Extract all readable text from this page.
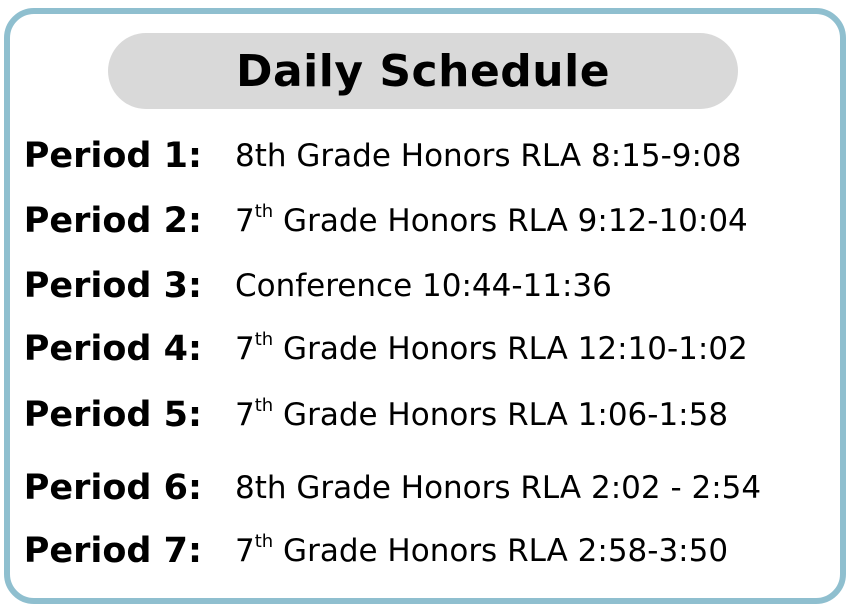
Daily Schedule
Period 1: 8th Grade Honors RLA 8:15-9:08
Period 2: 7th Grade Honors RLA 9:12-10:04
Period 3: Conference 10:44-11:36
Period 4: 7th Grade Honors RLA 12:10-1:02
Period 5: 7th Grade Honors RLA 1:06-1:58
Period 6: 8th Grade Honors RLA 2:02 - 2:54
Period 7: 7th Grade Honors RLA 2:58-3:50
